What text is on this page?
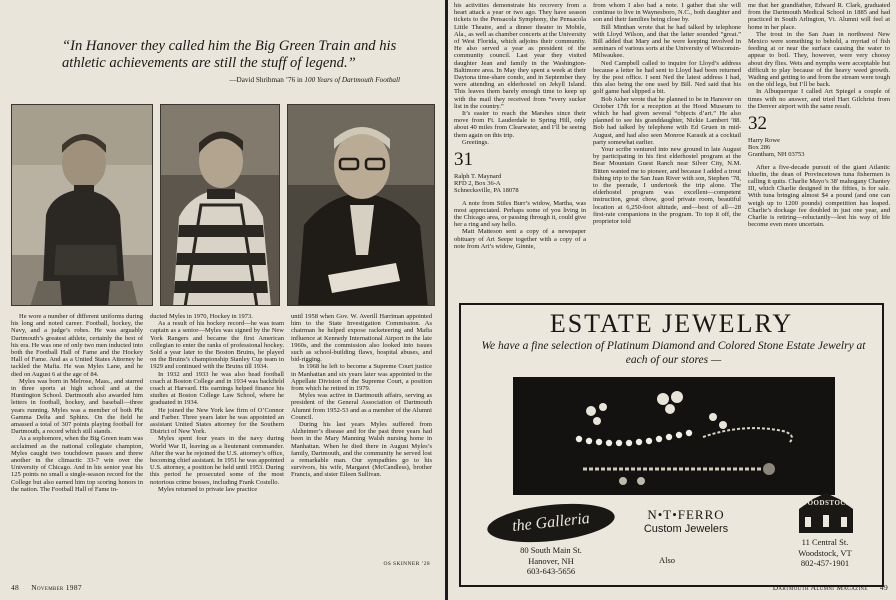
“In Hanover they called him the Big Green Train and his athletic achievements are still the stuff of legend.”
—David Shribman ’76 in 100 Years of Dartmouth Football

He wore a number of different uniforms during his long and noted career. Football, hockey, the Navy, and a judge’s robes. He was arguably Dartmouth’s greatest athlete, certainly the best of his era. He was one of only two men inducted into both the Football Hall of Fame and the Hockey Hall of Fame. And as a United States Attorney he tackled the Mafia. He was Myles Lane, and he died on August 6 at the age of 84.

Myles was born in Melrose, Mass., and starred in three sports at high school and at the Huntington School. Dartmouth also awarded him letters in football, hockey, and baseball—three years running. Myles was a member of both Phi Gamma Delta and Sphinx. On the field he amassed a total of 307 points playing football for Dartmouth, a record which still stands.

As a sophomore, when the Big Green team was acclaimed as the national collegiate champion, Myles caught two touchdown passes and threw another in the climactic 33-7 win over the University of Chicago. And in his senior year his 125 points no small a single-season record for the College but also earned him top scoring honors in the nation. The Football Hall of Fame in-

ducted Myles in 1970, Hockey in 1973.

As a result of his hockey record—he was team captain as a senior—Myles was signed by the New York Rangers and became the first American collegian to enter the ranks of professional hockey. Sold a year later to the Boston Bruins, he played on the Bruins’s championship Stanley Cup team in 1929 and continued with the Bruins till 1934.

In 1932 and 1933 he was also head football coach at Boston College and in 1934 was backfield coach at Harvard. His earnings helped finance his studies at Boston College Law School, where he graduated in 1934.

He joined the New York law firm of O’Connor and Farber. Three years later he was appointed an assistant United States attorney for the Southern District of New York.

Myles spent four years in the navy during World War II, leaving as a lieutenant commander. After the war he rejoined the U.S. attorney’s office, becoming chief assistant. In 1951 he was appointed U.S. attorney, a position he held until 1953. During this period he prosecuted some of the most notorious crime bosses, including Frank Costello.

Myles returned to private law practice

until 1958 when Gov. W. Averill Harriman appointed him to the State Investigation Commission. As chairman he helped expose racketeering and Mafia influence at Kennedy International Airport in the late 1960s, and the commission also looked into issues such as school-building flaws, hospital abuses, and bid-rigging.

In 1968 he left to become a Supreme Court justice in Manhattan and six years later was appointed to the Appellate Division of the Supreme Court, a position from which he retired in 1979.

Myles was active in Dartmouth affairs, serving as president of the General Association of Dartmouth Alumni from 1952-53 and as a member of the Alumni Council.

During his last years Myles suffered from Alzheimer’s disease and for the past three years had been in the Mary Manning Walsh nursing home in Manhattan. When he died there in August Myles’s family, Dartmouth, and the community he served lost a remarkable man. Our sympathies go to his survivors, his wife, Margaret (McCandless), brother Francis, and sister Eileen Sullivan.

OS SKINNER ’28
48 November 1987

his activities demonstrate his recovery from a heart attack a year or two ago. They have season tickets to the Pensacola Symphony, the Pensacola Little Theatre, and a dinner theater in Mobile, Ala., as well as chamber concerts at the University of West Florida, which adjoins their community. He also served a year as president of the community council. Last year they visited daughter Jean and family in the Washington-Baltimore area. In May they spent a week at their Daytona time-share condo, and in September they were attending an elderhostel on Jekyll Island. This leaves them barely enough time to keep up with the mail they received from “every sucker list in the country.”

It’s easier to reach the Marshes since their move from Ft. Lauderdale to Spring Hill, only about 40 miles from Clearwater, and I’ll be seeing them again on this trip.

Greetings.

31

Ralph T. Maynard

RFD 2, Box 36-A

Schnecksville, PA 18078

A note from Stiles Burr’s widow, Martha, was most appreciated. Perhaps some of you living in the Chicago area, or passing through it, could give her a ring and say hello.

Matt Matteson sent a copy of a newspaper obituary of Art Seepe together with a copy of a note from Art’s widow, Ginnie,

from whom I also had a note. I gather that she will continue to live in Waynesboro, N.C., both daughter and son and their families being close by.

Bill Minthan wrote that he had talked by telephone with Lloyd Wilson, and that the latter sounded “great.” Bill added that Mary and he were keeping involved in seminars of various sorts at the University of Wisconsin-Milwaukee.

Ned Campbell called to inquire for Lloyd’s address because a letter he had sent to Lloyd had been returned by the post office. I sent Ned the latest address I had, this also being the one used by Bill. Ned said that his golf game had slipped a bit.

Bob Asher wrote that he planned to be in Hanover on October 17th for a reception at the Hood Museum to which he had given several “objects d’art.” He also planned to see his granddaughter, Nickie Lambert ’88. Bob had talked by telephone with Ed Gruen in mid-August, and had also seen Monroe Karasik at a cocktail party somewhat earlier.

Your scribe ventured into new ground in late August by participating in his first elderhostel program at the Bear Mountain Guest Ranch near Silver City, N.M. Bitten wanted me to pioneer, and because I added a trout fishing trip to the San Juan River with son, Stephen ’78, to the peerade, I undertook the trip alone. The elderhostel program was excellent—competent instruction, great chow, good private room, beautiful location at 6,250-foot altitude, and—best of all—28 first-rate companions in the program. To top it off, the proprietor told

me that her grandfather, Edward R. Clark, graduated from the Dartmouth Medical School in 1885 and had practiced in South Arlington, Vt. Alumni will feel at home in her place.

The trout in the San Juan in northwest New Mexico were something to behold, a myriad of fish feeding at or near the surface causing the water to appear to boil. They, however, were very choosy about dry flies. Wets and nymphs were acceptable but difficult to play because of the heavy weed growth. Wading and getting to and from the stream were tough on the old legs, but I’ll be back.

In Albuquerque I called Art Spiegel a couple of times with no answer, and tried Hart Gilchrist from the Denver airport with the same result.

32

Harry Rowe

Box 286

Grantham, NH 03753

After a five-decade pursuit of the giant Atlantic bluefin, the dean of Provincetown tuna fishermen is calling it quits. Charlie Mayo’s 38' mahogany Chantey III, which Charlie designed in the fifties, is for sale. With tuna bringing almost $4 a pound (and one can weigh up to 1200 pounds) competition has leaped. Charlie’s dockage fee doubled in just one year, and Charlie is retiring—reluctantly—lest his way of life become even more uncertain.

ESTATE JEWELRY
We have a fine selection of Platinum Diamond and Colored Stone Estate Jewelry at each of our stores —
the Galleria
80 South Main St.
Hanover, NH
603-643-5656
Also
N•T•FERRO
Custom Jewelers
WOODSTOCK
11 Central St.
Woodstock, VT
802-457-1901
Dartmouth Alumni Magazine 49
